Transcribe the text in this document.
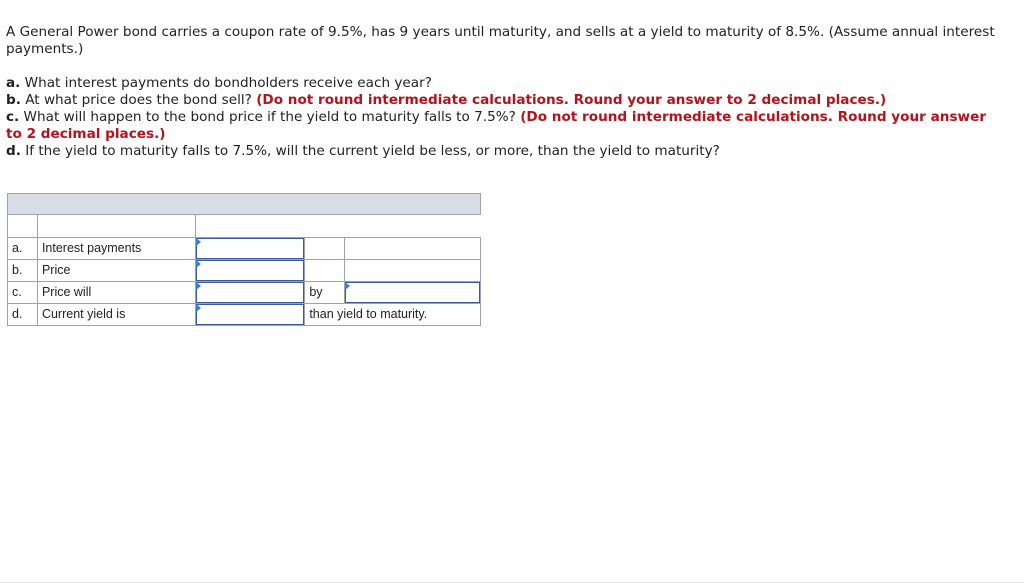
A General Power bond carries a coupon rate of 9.5%, has 9 years until maturity, and sells at a yield to maturity of 8.5%. (Assume annual interest payments.)

a. What interest payments do bondholders receive each year?

b. At what price does the bond sell? (Do not round intermediate calculations. Round your answer to 2 decimal places.)

c. What will happen to the bond price if the yield to maturity falls to 7.5%? (Do not round intermediate calculations. Round your answer to 2 decimal places.)

d. If the yield to maturity falls to 7.5%, will the current yield be less, or more, than the yield to maturity?

a.	Interest payments	

b.	Price	

c.	Price will		by	

d.	Current yield is		than yield to maturity.	
